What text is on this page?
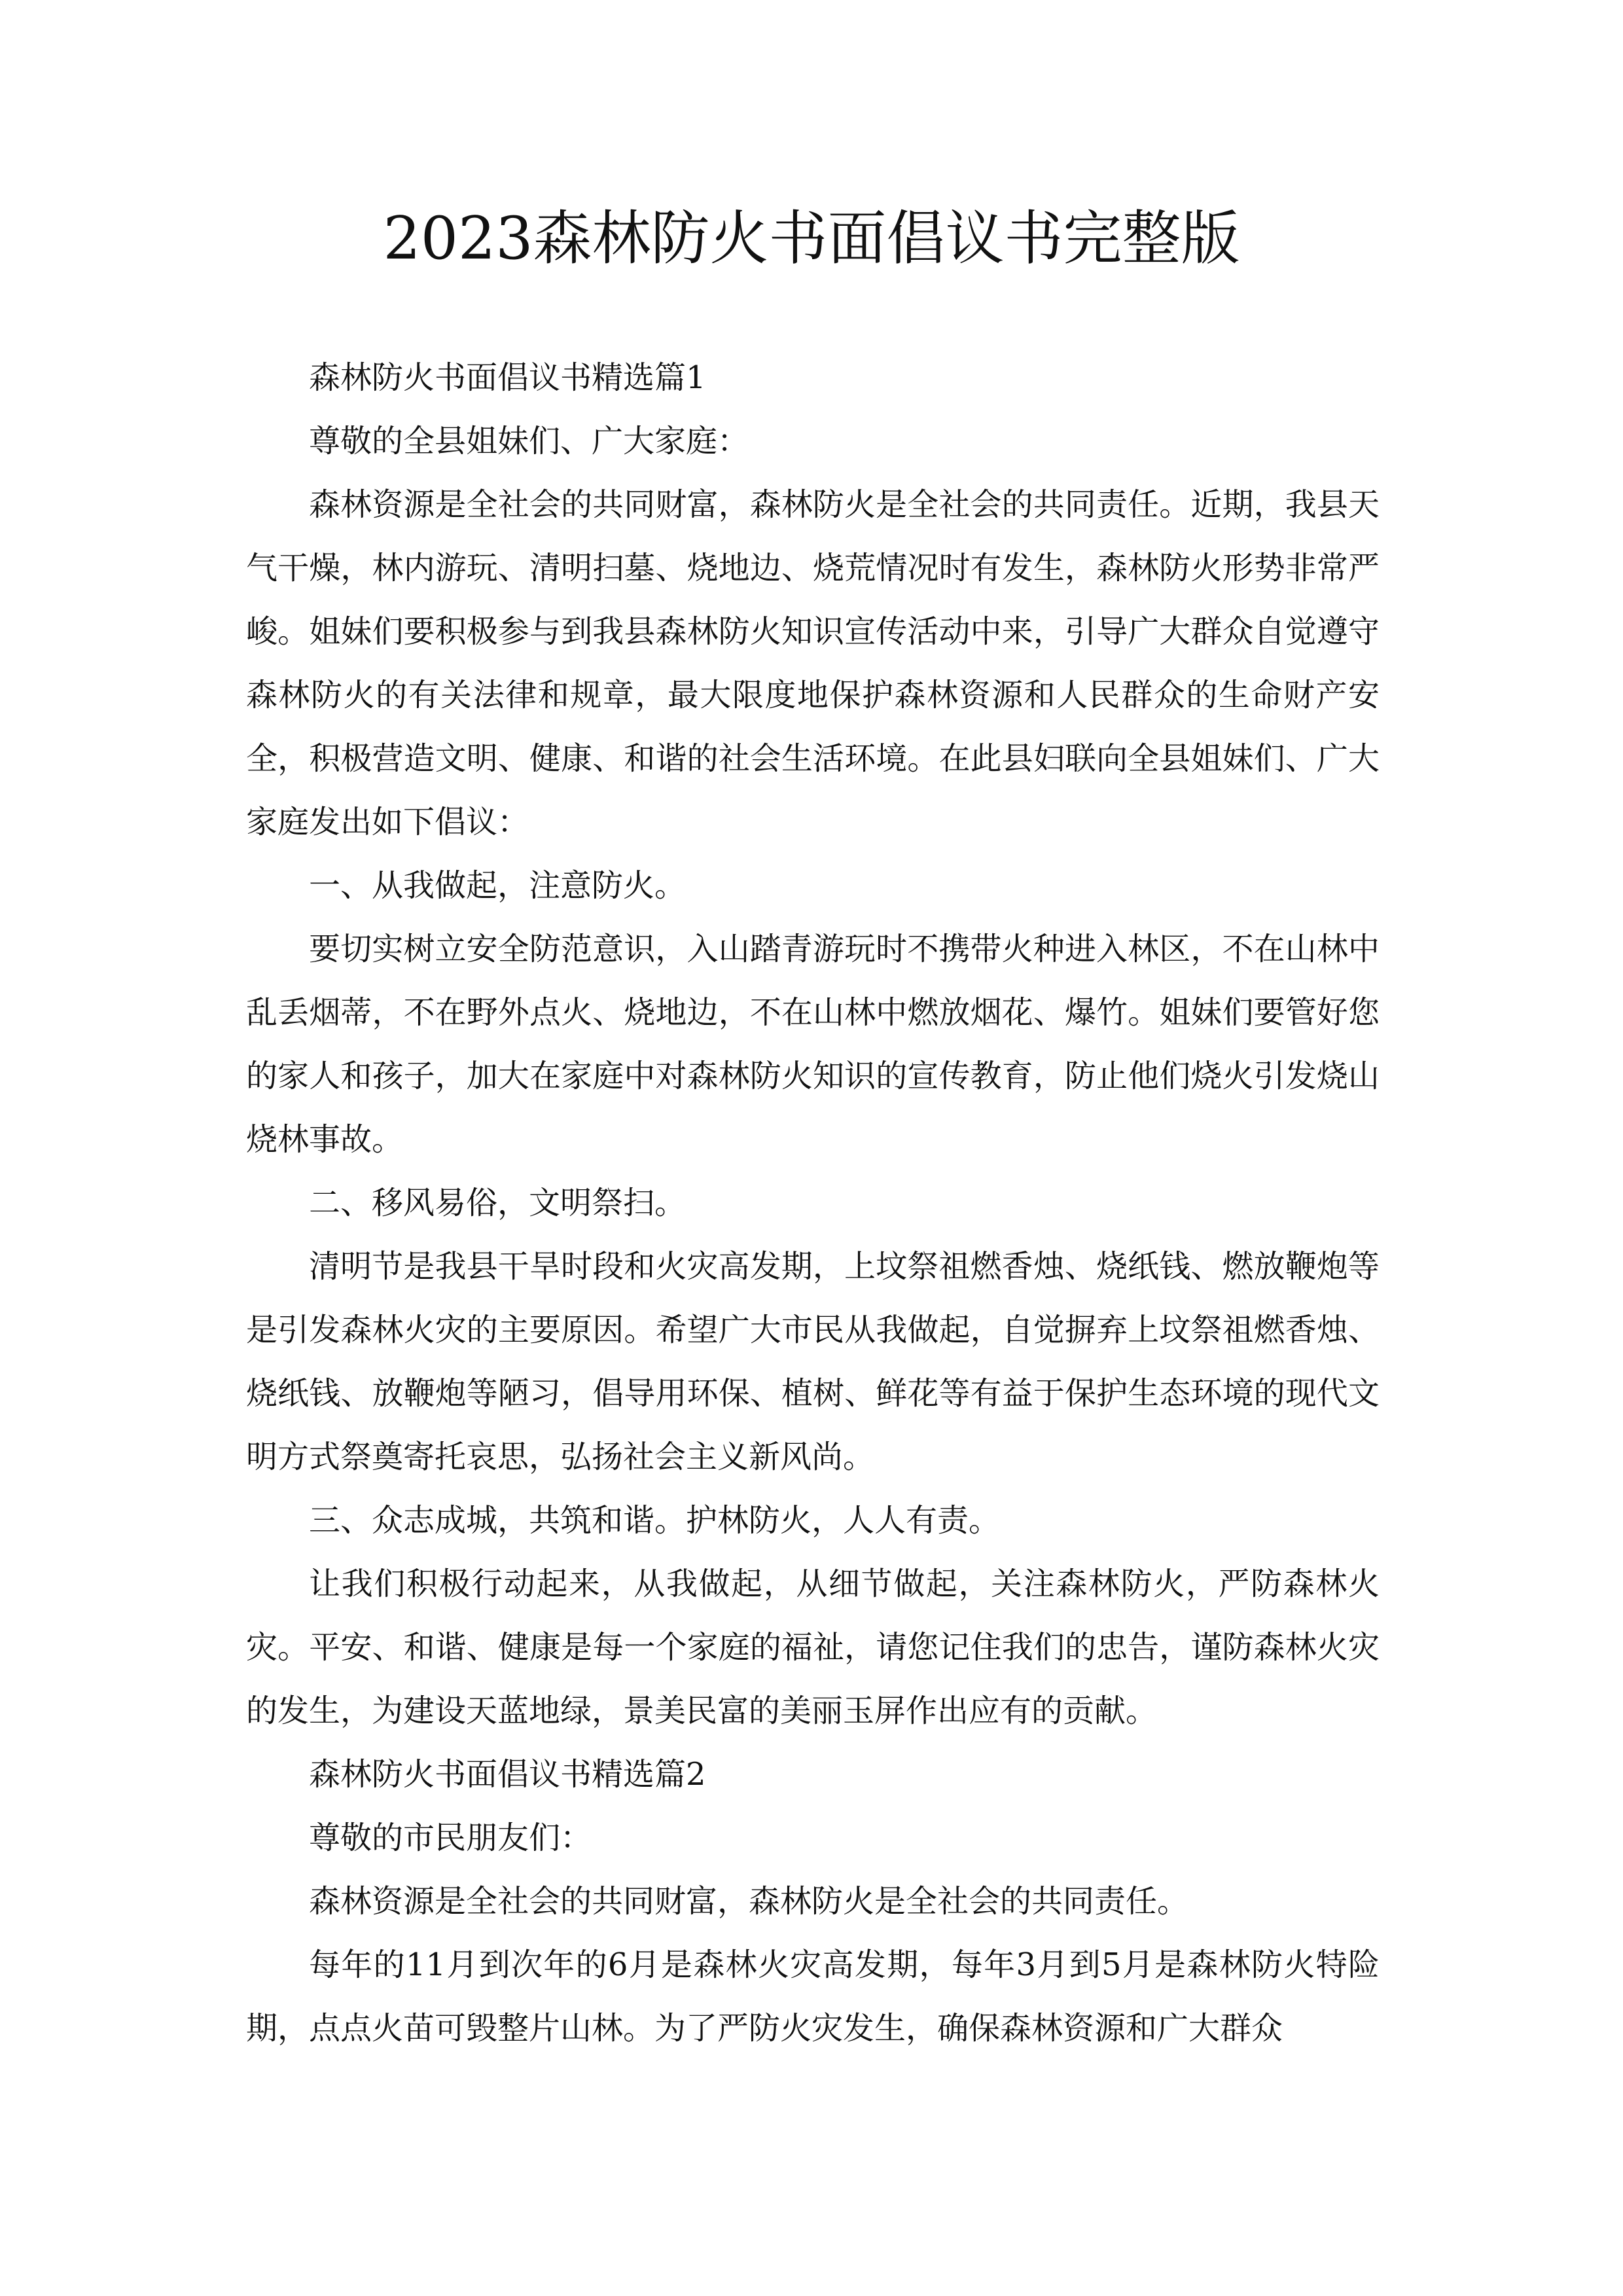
2023森林防火书面倡议书完整版

森林防火书面倡议书精选篇1

尊敬的全县姐妹们、广大家庭：

森林资源是全社会的共同财富，森林防火是全社会的共同责任。近期，我县天气干燥，林内游玩、清明扫墓、烧地边、烧荒情况时有发生，森林防火形势非常严峻。姐妹们要积极参与到我县森林防火知识宣传活动中来，引导广大群众自觉遵守森林防火的有关法律和规章，最大限度地保护森林资源和人民群众的生命财产安全，积极营造文明、健康、和谐的社会生活环境。在此县妇联向全县姐妹们、广大家庭发出如下倡议：

一、从我做起，注意防火。

要切实树立安全防范意识，入山踏青游玩时不携带火种进入林区，不在山林中乱丢烟蒂，不在野外点火、烧地边，不在山林中燃放烟花、爆竹。姐妹们要管好您的家人和孩子，加大在家庭中对森林防火知识的宣传教育，防止他们烧火引发烧山烧林事故。

二、移风易俗，文明祭扫。

清明节是我县干旱时段和火灾高发期，上坟祭祖燃香烛、烧纸钱、燃放鞭炮等是引发森林火灾的主要原因。希望广大市民从我做起，自觉摒弃上坟祭祖燃香烛、烧纸钱、放鞭炮等陋习，倡导用环保、植树、鲜花等有益于保护生态环境的现代文明方式祭奠寄托哀思，弘扬社会主义新风尚。

三、众志成城，共筑和谐。护林防火，人人有责。

让我们积极行动起来，从我做起，从细节做起，关注森林防火，严防森林火灾。平安、和谐、健康是每一个家庭的福祉，请您记住我们的忠告，谨防森林火灾的发生，为建设天蓝地绿，景美民富的美丽玉屏作出应有的贡献。

森林防火书面倡议书精选篇2

尊敬的市民朋友们：

森林资源是全社会的共同财富，森林防火是全社会的共同责任。

每年的11月到次年的6月是森林火灾高发期，每年3月到5月是森林防火特险期，点点火苗可毁整片山林。为了严防火灾发生，确保森林资源和广大群众
